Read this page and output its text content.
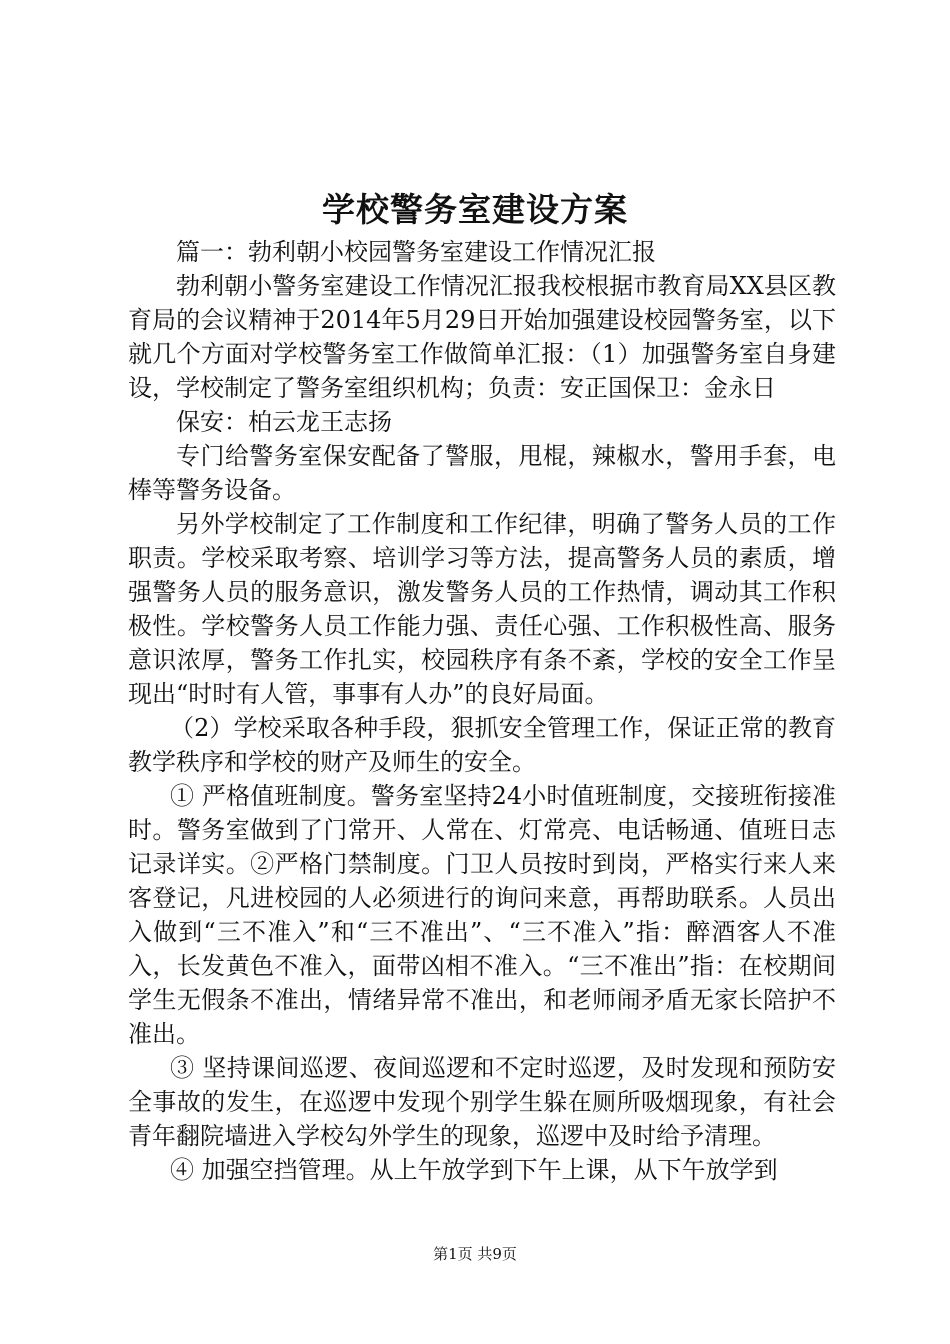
学校警务室建设方案

篇一：勃利朝小校园警务室建设工作情况汇报

勃利朝小警务室建设工作情况汇报我校根据市教育局XX县区教育局的会议精神于2014年5月29日开始加强建设校园警务室，以下就几个方面对学校警务室工作做简单汇报：（1）加强警务室自身建设，学校制定了警务室组织机构；负责：安正国保卫：金永日

保安：柏云龙王志扬

专门给警务室保安配备了警服，甩棍，辣椒水，警用手套，电棒等警务设备。

另外学校制定了工作制度和工作纪律，明确了警务人员的工作职责。学校采取考察、培训学习等方法，提高警务人员的素质，增强警务人员的服务意识，激发警务人员的工作热情，调动其工作积极性。学校警务人员工作能力强、责任心强、工作积极性高、服务意识浓厚，警务工作扎实，校园秩序有条不紊，学校的安全工作呈现出“时时有人管，事事有人办”的良好局面。

（2）学校采取各种手段，狠抓安全管理工作，保证正常的教育教学秩序和学校的财产及师生的安全。

① 严格值班制度。警务室坚持24小时值班制度，交接班衔接准时。警务室做到了门常开、人常在、灯常亮、电话畅通、值班日志记录详实。②严格门禁制度。门卫人员按时到岗，严格实行来人来客登记，凡进校园的人必须进行的询问来意，再帮助联系。人员出入做到“三不准入”和“三不准出”、“三不准入”指：醉酒客人不准入，长发黄色不准入，面带凶相不准入。“三不准出”指：在校期间学生无假条不准出，情绪异常不准出，和老师闹矛盾无家长陪护不准出。

③ 坚持课间巡逻、夜间巡逻和不定时巡逻，及时发现和预防安全事故的发生，在巡逻中发现个别学生躲在厕所吸烟现象，有社会青年翻院墙进入学校勾外学生的现象，巡逻中及时给予清理。

④ 加强空挡管理。从上午放学到下午上课，从下午放学到

第1页 共9页
